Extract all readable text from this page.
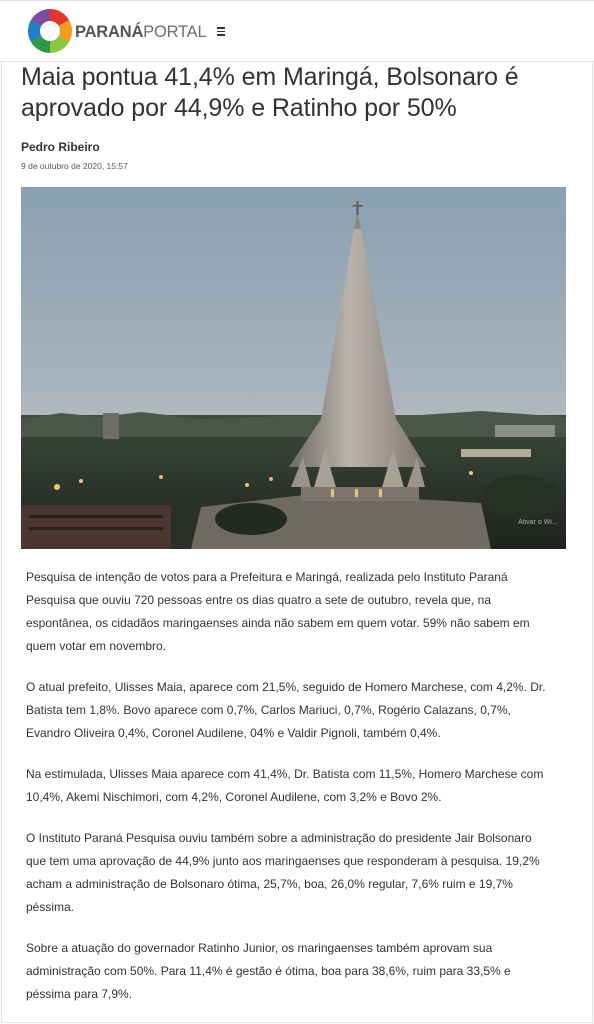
PARANÁPORTAL
Maia pontua 41,4% em Maringá, Bolsonaro é aprovado por 44,9% e Ratinho por 50%

Pedro Ribeiro

9 de outubro de 2020, 15:57

Ativar o Wi...

Pesquisa de intenção de votos para a Prefeitura e Maringá, realizada pelo Instituto Paraná Pesquisa que ouviu 720 pessoas entre os dias quatro a sete de outubro, revela que, na espontânea, os cidadãos maringaenses ainda não sabem em quem votar. 59% não sabem em quem votar em novembro.

O atual prefeito, Ulisses Maia, aparece com 21,5%, seguido de Homero Marchese, com 4,2%. Dr. Batista tem 1,8%. Bovo aparece com 0,7%, Carlos Mariuci, 0,7%, Rogério Calazans, 0,7%, Evandro Oliveira 0,4%, Coronel Audilene, 04% e Valdir Pignoli, também 0,4%.

Na estimulada, Ulisses Maia aparece com 41,4%, Dr. Batista com 11,5%, Homero Marchese com 10,4%, Akemi Nischimori, com 4,2%, Coronel Audilene, com 3,2% e Bovo 2%.

O Instituto Paraná Pesquisa ouviu também sobre a administração do presidente Jair Bolsonaro que tem uma aprovação de 44,9% junto aos maringaenses que responderam à pesquisa. 19,2% acham a administração de Bolsonaro ótima, 25,7%, boa, 26,0% regular, 7,6% ruim e 19,7% péssima.

Sobre a atuação do governador Ratinho Junior, os maringaenses também aprovam sua administração com 50%. Para 11,4% é gestão é ótima, boa para 38,6%, ruim para 33,5% e péssima para 7,9%.
